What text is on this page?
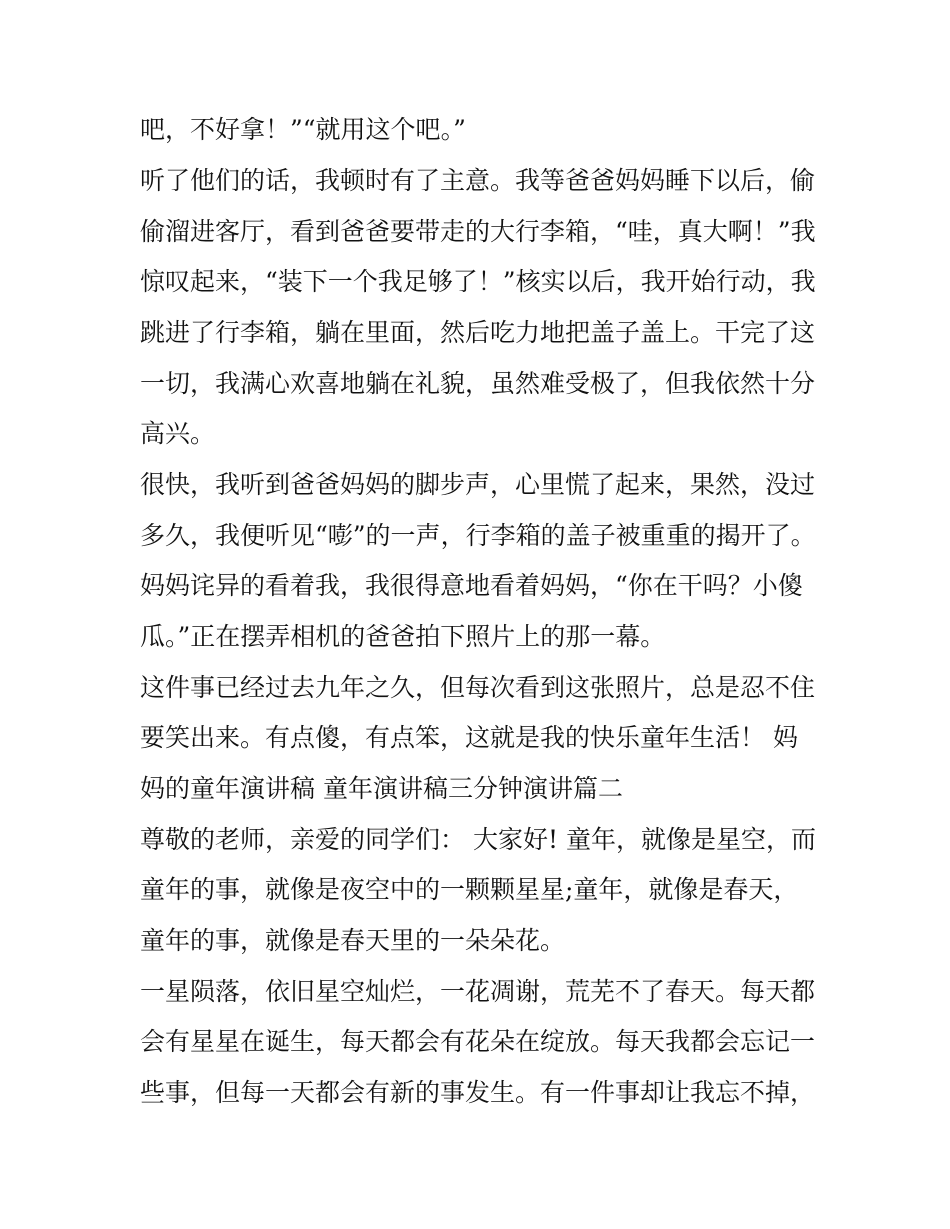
吧，不好拿！”“就用这个吧。”
听了他们的话，我顿时有了主意。我等爸爸妈妈睡下以后，偷
偷溜进客厅，看到爸爸要带走的大行李箱，“哇，真大啊！”我
惊叹起来，“装下一个我足够了！”核实以后，我开始行动，我
跳进了行李箱，躺在里面，然后吃力地把盖子盖上。干完了这
一切，我满心欢喜地躺在礼貌，虽然难受极了，但我依然十分
高兴。
很快，我听到爸爸妈妈的脚步声，心里慌了起来，果然，没过
多久，我便听见“嘭”的一声，行李箱的盖子被重重的揭开了。
妈妈诧异的看着我，我很得意地看着妈妈，“你在干吗？小傻
瓜。”正在摆弄相机的爸爸拍下照片上的那一幕。
这件事已经过去九年之久，但每次看到这张照片，总是忍不住
要笑出来。有点傻，有点笨，这就是我的快乐童年生活！ 妈
妈的童年演讲稿 童年演讲稿三分钟演讲篇二
尊敬的老师，亲爱的同学们： 大家好! 童年，就像是星空，而
童年的事，就像是夜空中的一颗颗星星;童年，就像是春天，
童年的事，就像是春天里的一朵朵花。
一星陨落，依旧星空灿烂，一花凋谢，荒芜不了春天。每天都
会有星星在诞生，每天都会有花朵在绽放。每天我都会忘记一
些事，但每一天都会有新的事发生。有一件事却让我忘不掉，
